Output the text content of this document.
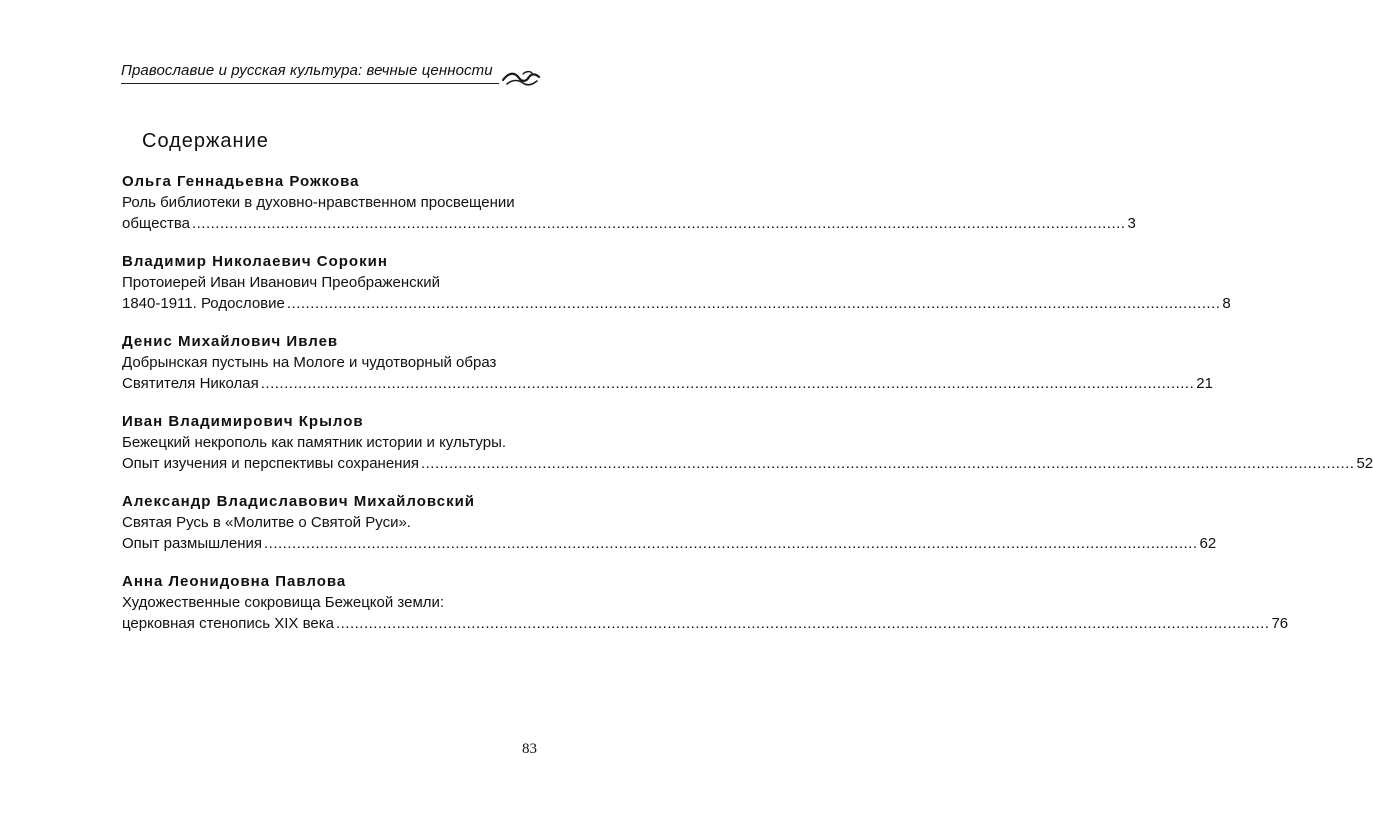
Православие и русская культура: вечные ценности
Содержание
Ольга Геннадьевна Рожкова
Роль библиотеки в духовно-нравственном просвещении
общества ........................................................................................................................................................................................................ 3
Владимир Николаевич Сорокин
Протоиерей Иван Иванович Преображенский
1840-1911. Родословие ........................................................................................................................................................................................................ 8
Денис Михайлович Ивлев
Добрынская пустынь на Мологе и чудотворный образ
Святителя Николая ........................................................................................................................................................................................................ 21
Иван Владимирович Крылов
Бежецкий некрополь как памятник истории и культуры.
Опыт изучения и перспективы сохранения ........................................................................................................................................................................................................ 52
Александр Владиславович Михайловский
Святая Русь в «Молитве о Святой Руси».
Опыт размышления ........................................................................................................................................................................................................ 62
Анна Леонидовна Павлова
Художественные сокровища Бежецкой земли:
церковная стенопись XIX века ........................................................................................................................................................................................................ 76
83
